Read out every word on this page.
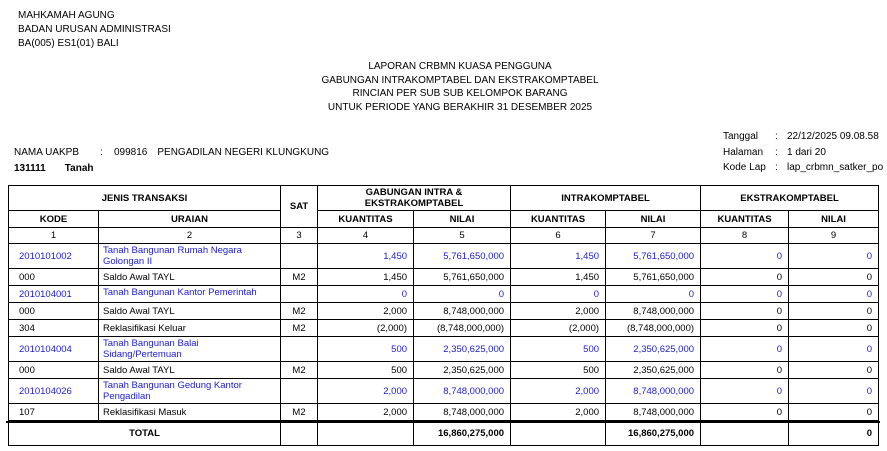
MAHKAMAH AGUNG
BADAN URUSAN ADMINISTRASI
BA(005) ES1(01) BALI
LAPORAN CRBMN KUASA PENGGUNA
GABUNGAN INTRAKOMPTABEL DAN EKSTRAKOMPTABEL
RINCIAN PER SUB SUB KELOMPOK BARANG
UNTUK PERIODE YANG BERAKHIR 31 DESEMBER 2025
Tanggal	: 22/12/2025 09.08.58
Halaman	: 1 dari 20
Kode Lap : lap_crbmn_satker_po
NAMA UAKPB	:	099816 PENGADILAN NEGERI KLUNGKUNG
131111 Tanah
JENIS TRANSAKSI		SAT	GABUNGAN INTRA & EKSTRAKOMPTABEL		INTRAKOMPTABEL		EKSTRAKOMPTABEL	
KODE	URAIAN		KUANTITAS	NILAI	KUANTITAS	NILAI	KUANTITAS	NILAI
1	2	3	4	5	6	7	8	9
2010101002	Tanah Bangunan Rumah Negara Golongan II		1,450	5,761,650,000	1,450	5,761,650,000	0	0
000	Saldo Awal TAYL	M2	1,450	5,761,650,000	1,450	5,761,650,000	0	0
2010104001	Tanah Bangunan Kantor Pemerintah		0	0	0	0	0	0
000	Saldo Awal TAYL	M2	2,000	8,748,000,000	2,000	8,748,000,000	0	0
304	Reklasifikasi Keluar	M2	(2,000)	(8,748,000,000)	(2,000)	(8,748,000,000)	0	0
2010104004	Tanah Bangunan Balai Sidang/Pertemuan		500	2,350,625,000	500	2,350,625,000	0	0
000	Saldo Awal TAYL	M2	500	2,350,625,000	500	2,350,625,000	0	0
2010104026	Tanah Bangunan Gedung Kantor Pengadilan		2,000	8,748,000,000	2,000	8,748,000,000	0	0
107	Reklasifikasi Masuk	M2	2,000	8,748,000,000	2,000	8,748,000,000	0	0
TOTAL				16,860,275,000		16,860,275,000		0
